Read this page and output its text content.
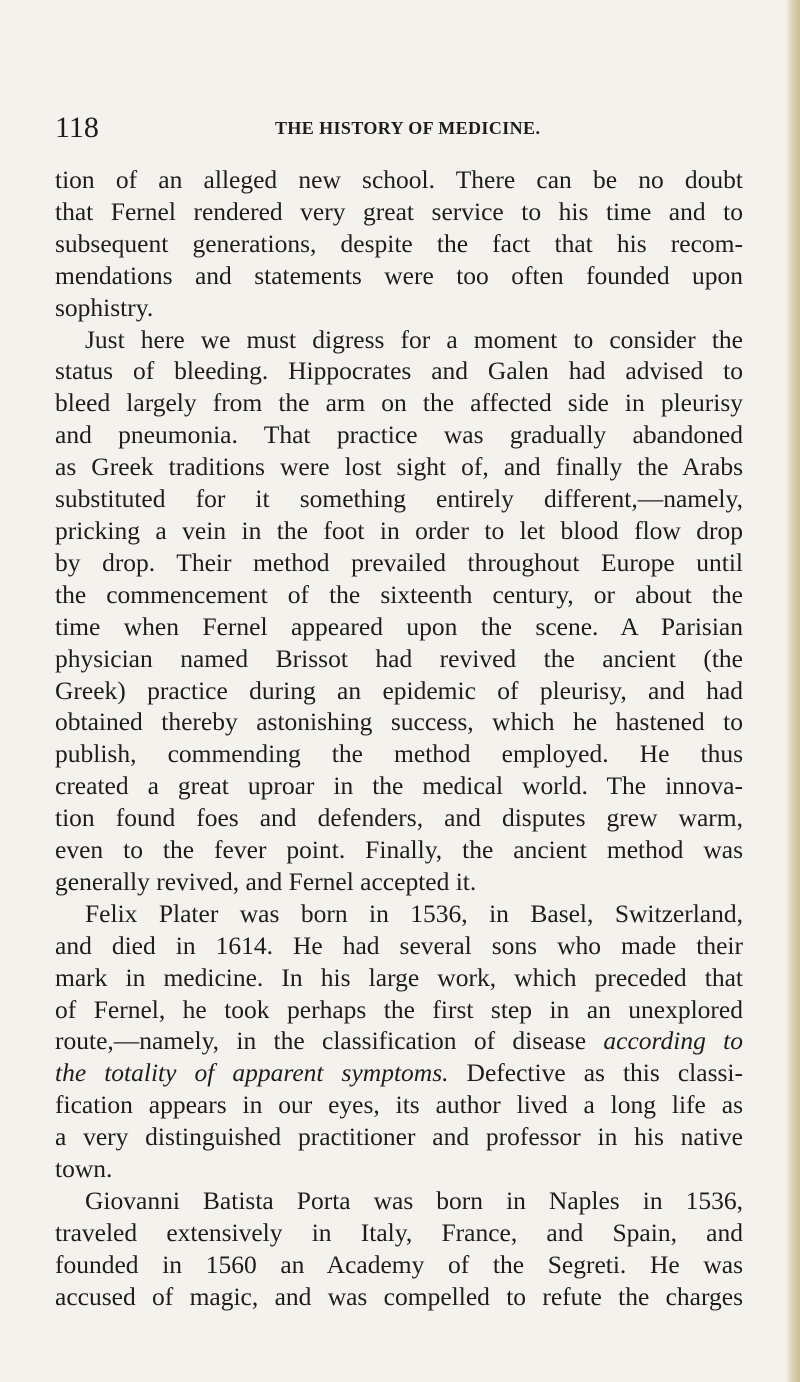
118	THE HISTORY OF MEDICINE.
tion of an alleged new school. There can be no doubt
that Fernel rendered very great service to his time and to
subsequent generations, despite the fact that his recom-
mendations and statements were too often founded upon
sophistry.
Just here we must digress for a moment to consider the
status of bleeding. Hippocrates and Galen had advised to
bleed largely from the arm on the affected side in pleurisy
and pneumonia. That practice was gradually abandoned
as Greek traditions were lost sight of, and finally the Arabs
substituted for it something entirely different,—namely,
pricking a vein in the foot in order to let blood flow drop
by drop. Their method prevailed throughout Europe until
the commencement of the sixteenth century, or about the
time when Fernel appeared upon the scene. A Parisian
physician named Brissot had revived the ancient (the
Greek) practice during an epidemic of pleurisy, and had
obtained thereby astonishing success, which he hastened to
publish, commending the method employed. He thus
created a great uproar in the medical world. The innova-
tion found foes and defenders, and disputes grew warm,
even to the fever point. Finally, the ancient method was
generally revived, and Fernel accepted it.
Felix Plater was born in 1536, in Basel, Switzerland,
and died in 1614. He had several sons who made their
mark in medicine. In his large work, which preceded that
of Fernel, he took perhaps the first step in an unexplored
route,—namely, in the classification of disease according to
the totality of apparent symptoms. Defective as this classi-
fication appears in our eyes, its author lived a long life as
a very distinguished practitioner and professor in his native
town.
Giovanni Batista Porta was born in Naples in 1536,
traveled extensively in Italy, France, and Spain, and
founded in 1560 an Academy of the Segreti. He was
accused of magic, and was compelled to refute the charges
